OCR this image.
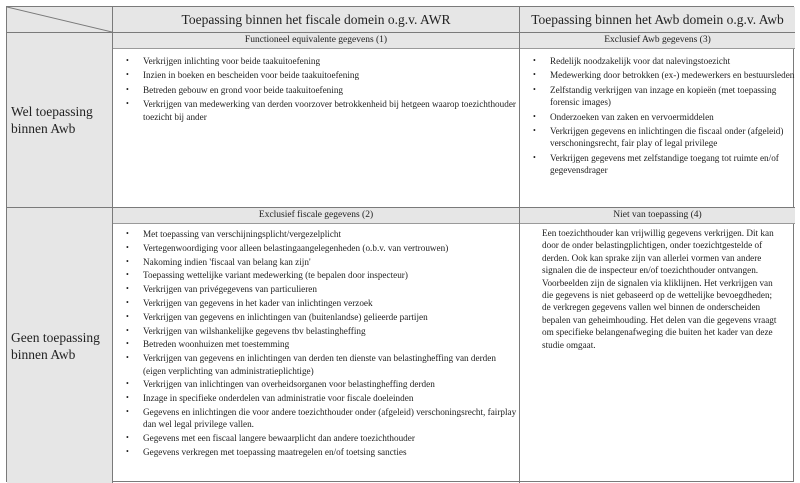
Toepassing binnen het fiscale domein o.g.v. AWR	Toepassing binnen het Awb domein o.g.v. Awb
Wel toepassing
binnen Awb
Functioneel equivalente gegevens (1)
• Verkrijgen inlichting voor beide taakuitoefening
• Inzien in boeken en bescheiden voor beide taakuitoefening
• Betreden gebouw en grond voor beide taakuitoefening
• Verkrijgen van medewerking van derden voorzover betrokkenheid bij hetgeen waarop toezichthouder toezicht bij ander
Exclusief Awb gegevens (3)
• Redelijk noodzakelijk voor dat nalevingstoezicht
• Medewerking door betrokken (ex-) medewerkers en bestuursleden
• Zelfstandig verkrijgen van inzage en kopieën (met toepassing forensic images)
• Onderzoeken van zaken en vervoermiddelen
• Verkrijgen gegevens en inlichtingen die fiscaal onder (afgeleid) verschoningsrecht, fair play of legal privilege
• Verkrijgen gegevens met zelfstandige toegang tot ruimte en/of gegevensdrager
Geen toepassing
binnen Awb
Exclusief fiscale gegevens (2)
• Met toepassing van verschijningsplicht/vergezelplicht
• Vertegenwoordiging voor alleen belastingaangelegenheden (o.b.v. van vertrouwen)
• Nakoming indien 'fiscaal van belang kan zijn'
• Toepassing wettelijke variant medewerking (te bepalen door inspecteur)
• Verkrijgen van privégegevens van particulieren
• Verkrijgen van gegevens in het kader van inlichtingen verzoek
• Verkrijgen van gegevens en inlichtingen van (buitenlandse) gelieerde partijen
• Verkrijgen van wilshankelijke gegevens tbv belastingheffing
• Betreden woonhuizen met toestemming
• Verkrijgen van gegevens en inlichtingen van derden ten dienste van belastingheffing van derden (eigen verplichting van administratieplichtige)
• Verkrijgen van inlichtingen van overheidsorganen voor belastingheffing derden
• Inzage in specifieke onderdelen van administratie voor fiscale doeleinden
• Gegevens en inlichtingen die voor andere toezichthouder onder (afgeleid) verschoningsrecht, fairplay dan wel legal privilege vallen.
• Gegevens met een fiscaal langere bewaarplicht dan andere toezichthouder
• Gegevens verkregen met toepassing maatregelen en/of toetsing sancties
Niet van toepassing (4)
Een toezichthouder kan vrijwillig gegevens verkrijgen. Dit kan door de onder belastingplichtigen, onder toezichtgestelde of derden. Ook kan sprake zijn van allerlei vormen van andere signalen die de inspecteur en/of toezichthouder ontvangen. Voorbeelden zijn de signalen via kliklijnen. Het verkrijgen van die gegevens is niet gebaseerd op de wettelijke bevoegdheden; de verkregen gegevens vallen wel binnen de onderscheiden bepalen van geheimhouding. Het delen van die gegevens vraagt om specifieke belangenafweging die buiten het kader van deze studie omgaat.
